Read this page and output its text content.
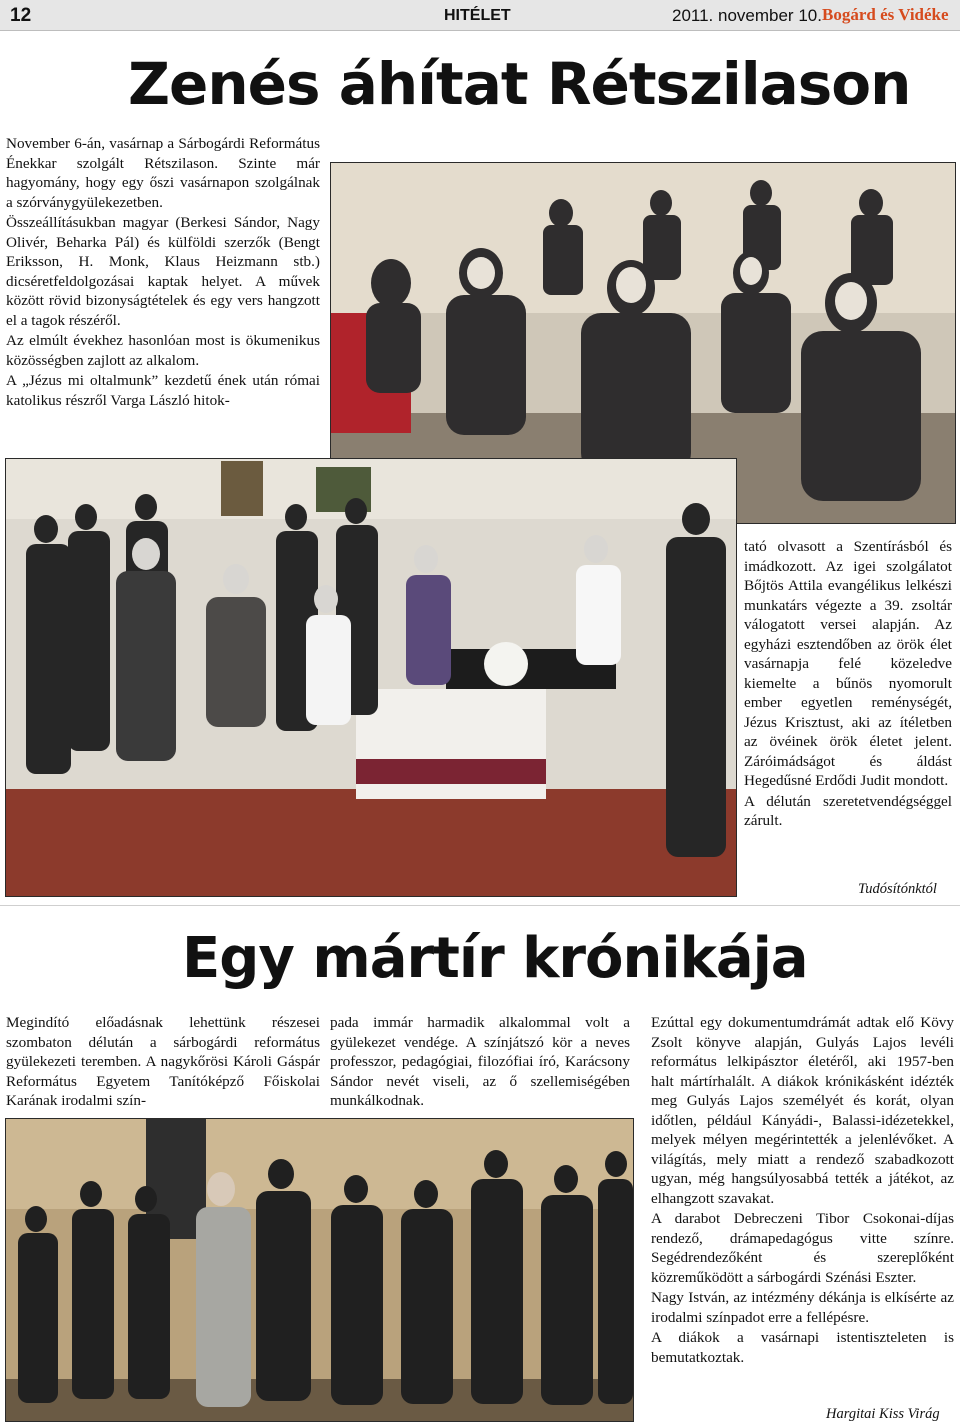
12	HITÉLET	2011. november 10. Bogárd és Vidéke
Zenés áhítat Rétszilason

November 6-án, vasárnap a Sárbogárdi Református Énekkar szolgált Rétszilason. Szinte már hagyomány, hogy egy őszi vasárnapon szolgálnak a szórványgyülekezetben.

Összeállításukban magyar (Berkesi Sándor, Nagy Olivér, Beharka Pál) és külföldi szerzők (Bengt Eriksson, H. Monk, Klaus Heizmann stb.) dicséretfeldolgozásai kaptak helyet. A művek között rövid bizonyságtételek és egy vers hangzott el a tagok részéről.

Az elmúlt évekhez hasonlóan most is ökumenikus közösségben zajlott az alkalom.

A „Jézus mi oltalmunk” kezdetű ének után római katolikus részről Varga László hitok-

tató olvasott a Szentírásból és imádkozott. Az igei szolgálatot Bőjtös Attila evangélikus lelkészi munkatárs végezte a 39. zsoltár válogatott versei alapján. Az egyházi esztendőben az örök élet vasárnapja felé közeledve kiemelte a bűnös nyomorult ember egyetlen reménységét, Jézus Krisztust, aki az ítéletben az övéinek örök életet jelent. Záróimádságot és áldást Hegedűsné Erdődi Judit mondott.

A délután szeretetvendégséggel zárult.

Tudósítónktól
Egy mártír krónikája

Megindító előadásnak lehettünk részesei szombaton délután a sárbogárdi református gyülekezeti teremben. A nagykőrösi Károli Gáspár Református Egyetem Tanítóképző Főiskolai Karának irodalmi szín-

pada immár harmadik alkalommal volt a gyülekezet vendége. A színjátszó kör a neves professzor, pedagógiai, filozófiai író, Karácsony Sándor nevét viseli, az ő szellemiségében munkálkodnak.

Ezúttal egy dokumentumdrámát adtak elő Kövy Zsolt könyve alapján, Gulyás Lajos levéli református lelkipásztor életéről, aki 1957-ben halt mártírhalált. A diákok krónikásként idézték meg Gulyás Lajos személyét és korát, olyan időtlen, például Kányádi-, Balassi-idézetekkel, melyek mélyen megérintették a jelenlévőket. A világítás, mely miatt a rendező szabadkozott ugyan, még hangsúlyosabbá tették a játékot, az elhangzott szavakat.

A darabot Debreczeni Tibor Csokonai-díjas rendező, drámapedagógus vitte színre. Segédrendezőként és szereplőként közreműködött a sárbogárdi Szénási Eszter.

Nagy István, az intézmény dékánja is elkísérte az irodalmi színpadot erre a fellépésre.

A diákok a vasárnapi istentiszteleten is bemutatkoztak.

Hargitai Kiss Virág
